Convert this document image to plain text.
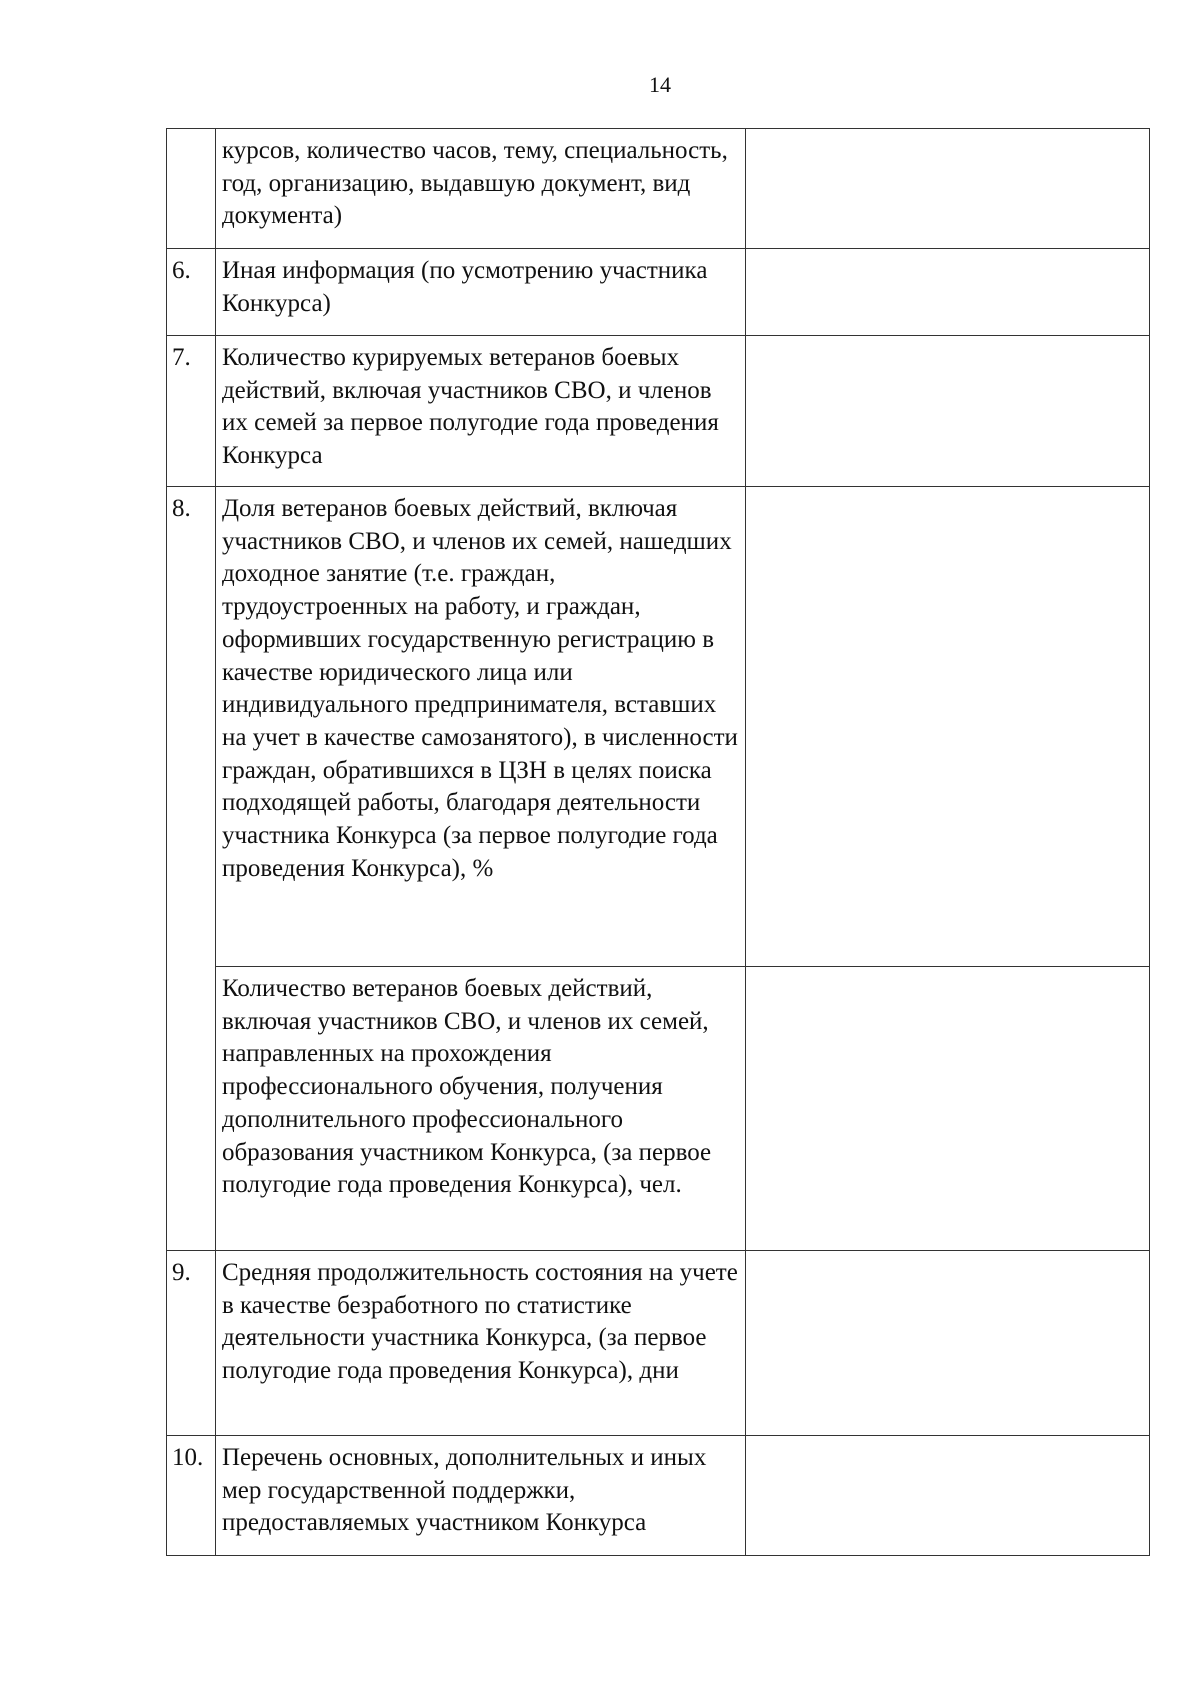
14
	курсов, количество часов, тему, специальность, год, организацию, выдавшую документ, вид документа)	
6.	Иная информация (по усмотрению участника Конкурса)	
7.	Количество курируемых ветеранов боевых действий, включая участников СВО, и членов их семей за первое полугодие года проведения Конкурса	
8.	Доля ветеранов боевых действий, включая участников СВО, и членов их семей, нашедших доходное занятие (т.е. граждан, трудоустроенных на работу, и граждан, оформивших государственную регистрацию в качестве юридического лица или индивидуального предпринимателя, вставших на учет в качестве самозанятого), в численности граждан, обратившихся в ЦЗН в целях поиска подходящей работы, благодаря деятельности участника Конкурса (за первое полугодие года проведения Конкурса), %	
	Количество ветеранов боевых действий, включая участников СВО, и членов их семей, направленных на прохождения профессионального обучения, получения дополнительного профессионального образования участником Конкурса, (за первое полугодие года проведения Конкурса), чел.	
9.	Средняя продолжительность состояния на учете в качестве безработного по статистике деятельности участника Конкурса, (за первое полугодие года проведения Конкурса), дни	
10.	Перечень основных, дополнительных и иных мер государственной поддержки, предоставляемых участником Конкурса	
